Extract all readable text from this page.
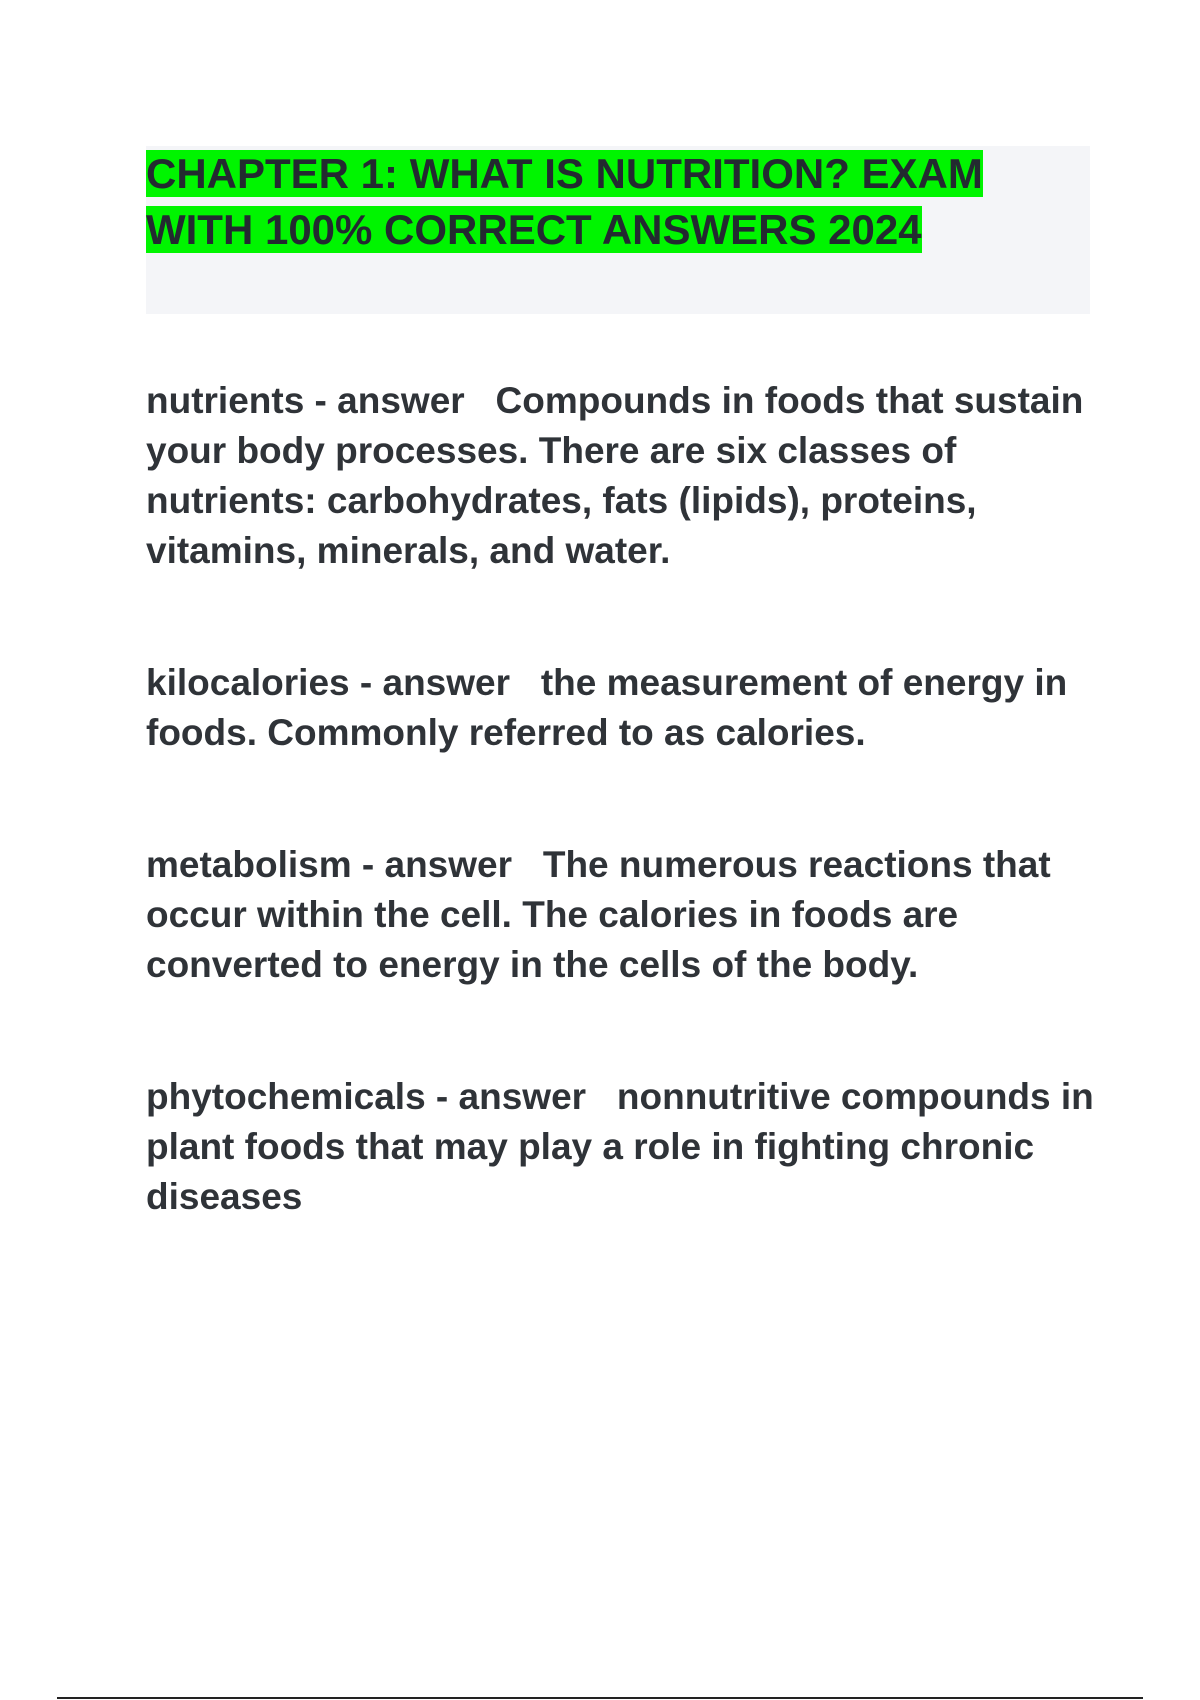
CHAPTER 1: WHAT IS NUTRITION? EXAM WITH 100% CORRECT ANSWERS 2024
nutrients - answer   Compounds in foods that sustain your body processes. There are six classes of nutrients: carbohydrates, fats (lipids), proteins, vitamins, minerals, and water.
kilocalories - answer   the measurement of energy in foods. Commonly referred to as calories.
metabolism - answer   The numerous reactions that occur within the cell. The calories in foods are converted to energy in the cells of the body.
phytochemicals - answer   nonnutritive compounds in plant foods that may play a role in fighting chronic diseases
